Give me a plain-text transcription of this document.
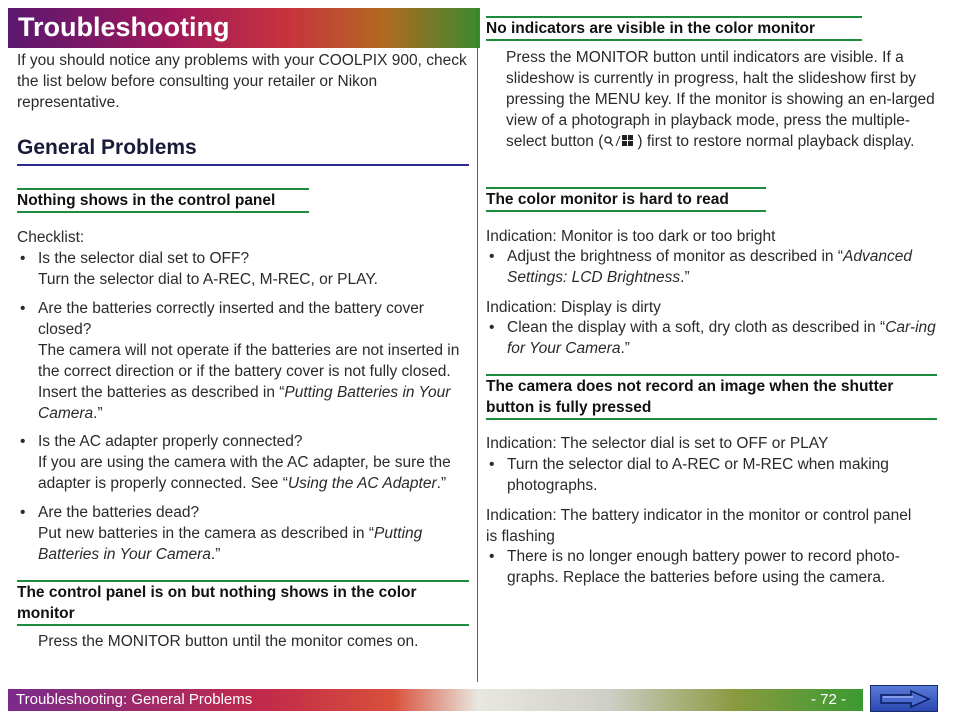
Troubleshooting

If you should notice any problems with your COOLPIX 900, check the list below before consulting your retailer or Nikon representative.

General Problems
Nothing shows in the control panel

Checklist:

• Is the selector dial set to OFF?
Turn the selector dial to A-REC, M-REC, or PLAY.
• Are the batteries correctly inserted and the battery cover closed?
The camera will not operate if the batteries are not inserted in the correct direction or if the battery cover is not fully closed. Insert the batteries as described in “Putting Batteries in Your Camera.”
• Is the AC adapter properly connected?
If you are using the camera with the AC adapter, be sure the adapter is properly connected. See “Using the AC Adapter.”
• Are the batteries dead?
Put new batteries in the camera as described in “Putting Batteries in Your Camera.”
The control panel is on but nothing shows in the color monitor

Press the MONITOR button until the monitor comes on.

No indicators are visible in the color monitor

Press the MONITOR button until indicators are visible. If a slideshow is currently in progress, halt the slideshow first by pressing the MENU key. If the monitor is showing an en-larged view of a photograph in playback mode, press the multiple-select button ( ) first to restore normal playback display.

The color monitor is hard to read

Indication: Monitor is too dark or too bright

• Adjust the brightness of monitor as described in “Advanced Settings: LCD Brightness.”

Indication: Display is dirty

• Clean the display with a soft, dry cloth as described in “Car-ing for Your Camera.”
The camera does not record an image when the shutter button is fully pressed

Indication: The selector dial is set to OFF or PLAY

• Turn the selector dial to A-REC or M-REC when making photographs.

Indication: The battery indicator in the monitor or control panel is flashing

• There is no longer enough battery power to record photo-graphs. Replace the batteries before using the camera.
Troubleshooting: General Problems	- 72 -
